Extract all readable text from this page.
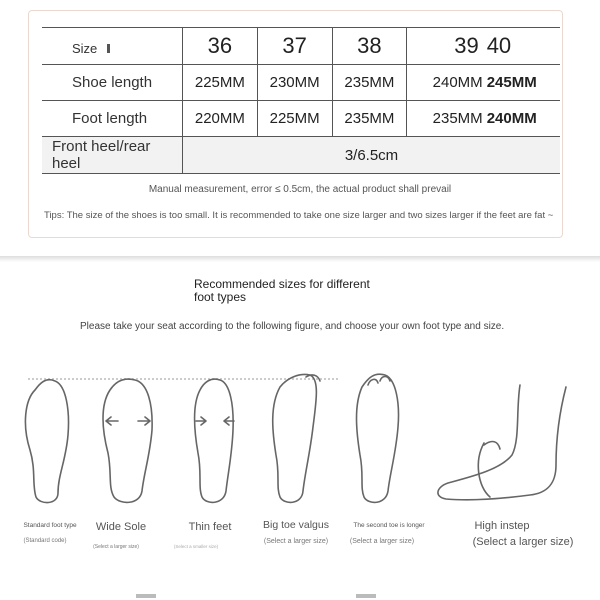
Size	36	37	38	39	40
Shoe length	225MM	230MM	235MM	240MM	245MM
Foot length	220MM	225MM	235MM	235MM	240MM
Front heel/rear heel	3/6.5cm				
Manual measurement, error ≤ 0.5cm, the actual product shall prevail
Tips: The size of the shoes is too small. It is recommended to take one size larger and two sizes larger if the feet are fat ~
Recommended sizes for different
foot types
Please take your seat according to the following figure, and choose your own foot type and size.
Standard foot type
(Standard code)
Wide Sole
(Select a larger size)
Thin feet
(Select a smaller size)
Big toe valgus
(Select a larger size)
The second toe is longer
(Select a larger size)
High instep
(Select a larger size)
